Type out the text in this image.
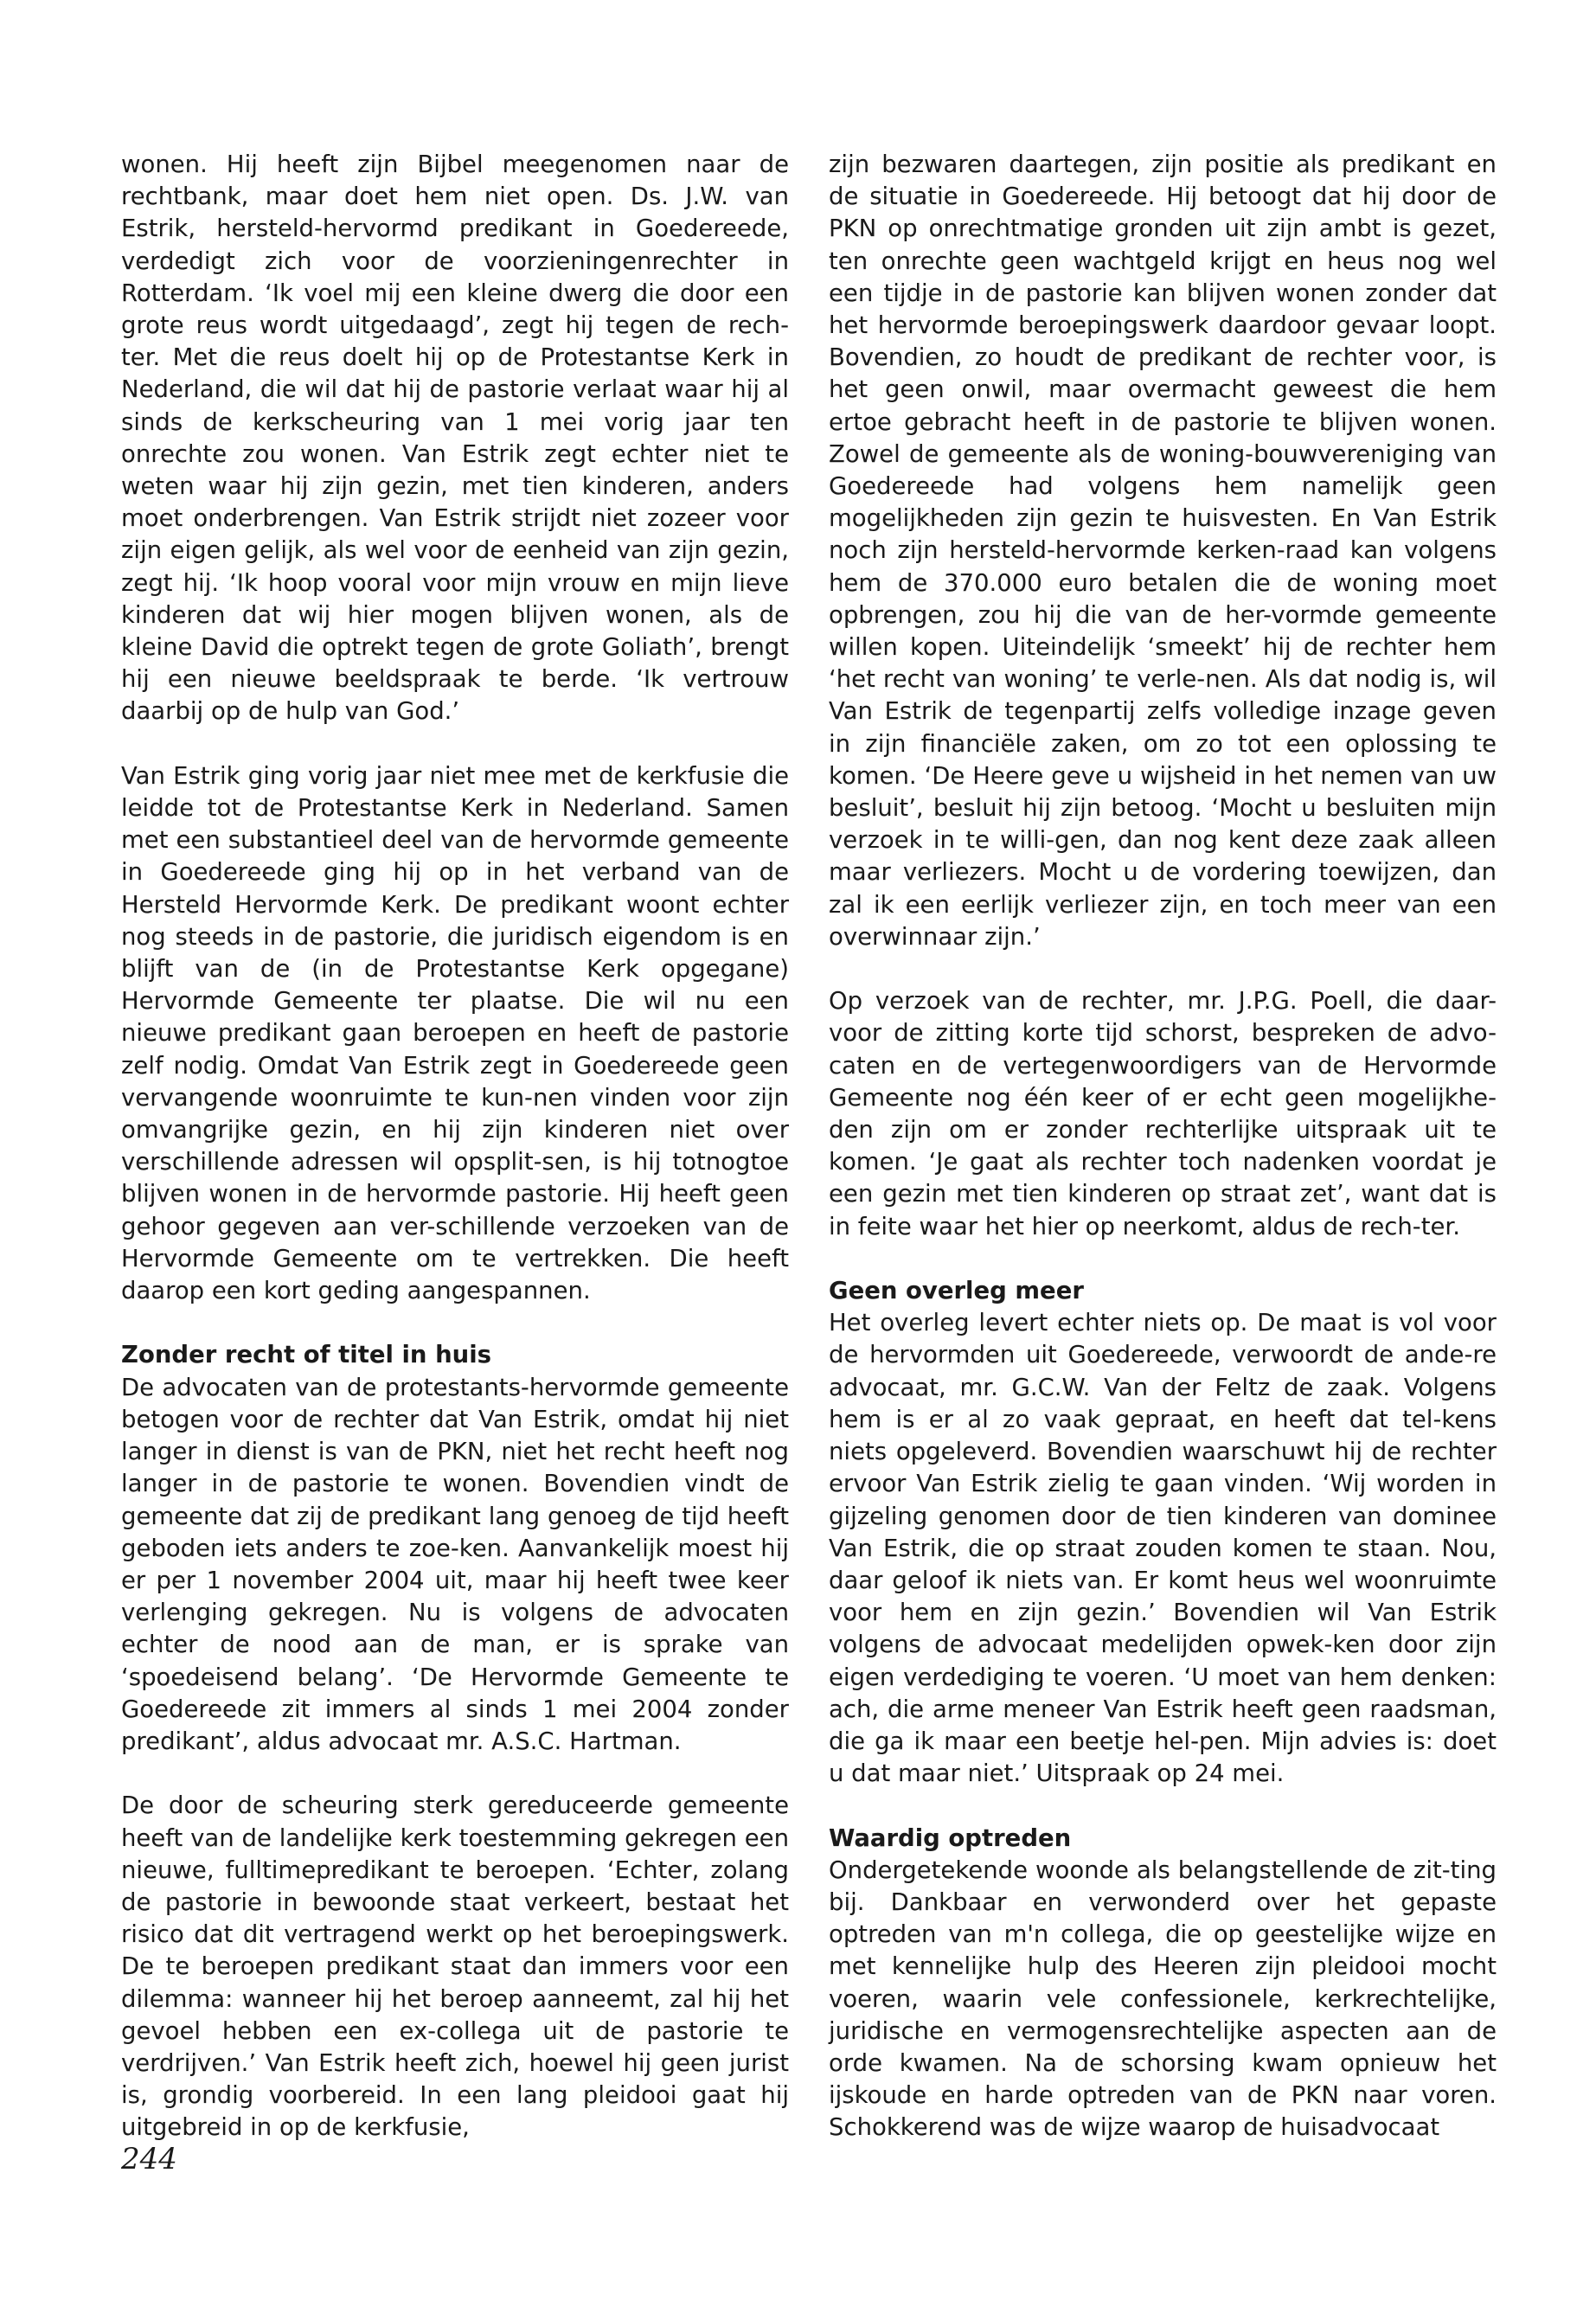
wonen. Hij heeft zijn Bijbel meegenomen naar de rechtbank, maar doet hem niet open. Ds. J.W. van Estrik, hersteld-hervormd predikant in Goedereede, verdedigt zich voor de voorzieningenrechter in Rotterdam. ‘Ik voel mij een kleine dwerg die door een grote reus wordt uitgedaagd’, zegt hij tegen de rech-ter. Met die reus doelt hij op de Protestantse Kerk in Nederland, die wil dat hij de pastorie verlaat waar hij al sinds de kerkscheuring van 1 mei vorig jaar ten onrechte zou wonen. Van Estrik zegt echter niet te weten waar hij zijn gezin, met tien kinderen, anders moet onderbrengen. Van Estrik strijdt niet zozeer voor zijn eigen gelijk, als wel voor de eenheid van zijn gezin, zegt hij. ‘Ik hoop vooral voor mijn vrouw en mijn lieve kinderen dat wij hier mogen blijven wonen, als de kleine David die optrekt tegen de grote Goliath’, brengt hij een nieuwe beeldspraak te berde. ‘Ik vertrouw daarbij op de hulp van God.’

Van Estrik ging vorig jaar niet mee met de kerkfusie die leidde tot de Protestantse Kerk in Nederland. Samen met een substantieel deel van de hervormde gemeente in Goedereede ging hij op in het verband van de Hersteld Hervormde Kerk. De predikant woont echter nog steeds in de pastorie, die juridisch eigendom is en blijft van de (in de Protestantse Kerk opgegane) Hervormde Gemeente ter plaatse. Die wil nu een nieuwe predikant gaan beroepen en heeft de pastorie zelf nodig. Omdat Van Estrik zegt in Goedereede geen vervangende woonruimte te kun-nen vinden voor zijn omvangrijke gezin, en hij zijn kinderen niet over verschillende adressen wil opsplit-sen, is hij totnogtoe blijven wonen in de hervormde pastorie. Hij heeft geen gehoor gegeven aan ver-schillende verzoeken van de Hervormde Gemeente om te vertrekken. Die heeft daarop een kort geding aangespannen.

Zonder recht of titel in huis

De advocaten van de protestants-hervormde gemeente betogen voor de rechter dat Van Estrik, omdat hij niet langer in dienst is van de PKN, niet het recht heeft nog langer in de pastorie te wonen. Bovendien vindt de gemeente dat zij de predikant lang genoeg de tijd heeft geboden iets anders te zoe-ken. Aanvankelijk moest hij er per 1 november 2004 uit, maar hij heeft twee keer verlenging gekregen. Nu is volgens de advocaten echter de nood aan de man, er is sprake van ‘spoedeisend belang’. ‘De Hervormde Gemeente te Goedereede zit immers al sinds 1 mei 2004 zonder predikant’, aldus advocaat mr. A.S.C. Hartman.

De door de scheuring sterk gereduceerde gemeente heeft van de landelijke kerk toestemming gekregen een nieuwe, fulltimepredikant te beroepen. ‘Echter, zolang de pastorie in bewoonde staat verkeert, bestaat het risico dat dit vertragend werkt op het beroepingswerk. De te beroepen predikant staat dan immers voor een dilemma: wanneer hij het beroep aanneemt, zal hij het gevoel hebben een ex-collega uit de pastorie te verdrijven.’ Van Estrik heeft zich, hoewel hij geen jurist is, grondig voorbereid. In een lang pleidooi gaat hij uitgebreid in op de kerkfusie,

zijn bezwaren daartegen, zijn positie als predikant en de situatie in Goedereede. Hij betoogt dat hij door de PKN op onrechtmatige gronden uit zijn ambt is gezet, ten onrechte geen wachtgeld krijgt en heus nog wel een tijdje in de pastorie kan blijven wonen zonder dat het hervormde beroepingswerk daardoor gevaar loopt. Bovendien, zo houdt de predikant de rechter voor, is het geen onwil, maar overmacht geweest die hem ertoe gebracht heeft in de pastorie te blijven wonen. Zowel de gemeente als de woning-bouwvereniging van Goedereede had volgens hem namelijk geen mogelijkheden zijn gezin te huisvesten. En Van Estrik noch zijn hersteld-hervormde kerken-raad kan volgens hem de 370.000 euro betalen die de woning moet opbrengen, zou hij die van de her-vormde gemeente willen kopen. Uiteindelijk ‘smeekt’ hij de rechter hem ‘het recht van woning’ te verle-nen. Als dat nodig is, wil Van Estrik de tegenpartij zelfs volledige inzage geven in zijn financiële zaken, om zo tot een oplossing te komen. ‘De Heere geve u wijsheid in het nemen van uw besluit’, besluit hij zijn betoog. ‘Mocht u besluiten mijn verzoek in te willi-gen, dan nog kent deze zaak alleen maar verliezers. Mocht u de vordering toewijzen, dan zal ik een eerlijk verliezer zijn, en toch meer van een overwinnaar zijn.’

Op verzoek van de rechter, mr. J.P.G. Poell, die daar-voor de zitting korte tijd schorst, bespreken de advo-caten en de vertegenwoordigers van de Hervormde Gemeente nog één keer of er echt geen mogelijkhe-den zijn om er zonder rechterlijke uitspraak uit te komen. ‘Je gaat als rechter toch nadenken voordat je een gezin met tien kinderen op straat zet’, want dat is in feite waar het hier op neerkomt, aldus de rech-ter.

Geen overleg meer

Het overleg levert echter niets op. De maat is vol voor de hervormden uit Goedereede, verwoordt de ande-re advocaat, mr. G.C.W. Van der Feltz de zaak. Volgens hem is er al zo vaak gepraat, en heeft dat tel-kens niets opgeleverd. Bovendien waarschuwt hij de rechter ervoor Van Estrik zielig te gaan vinden. ‘Wij worden in gijzeling genomen door de tien kinderen van dominee Van Estrik, die op straat zouden komen te staan. Nou, daar geloof ik niets van. Er komt heus wel woonruimte voor hem en zijn gezin.’ Bovendien wil Van Estrik volgens de advocaat medelijden opwek-ken door zijn eigen verdediging te voeren. ‘U moet van hem denken: ach, die arme meneer Van Estrik heeft geen raadsman, die ga ik maar een beetje hel-pen. Mijn advies is: doet u dat maar niet.’ Uitspraak op 24 mei.

Waardig optreden

Ondergetekende woonde als belangstellende de zit-ting bij. Dankbaar en verwonderd over het gepaste optreden van m'n collega, die op geestelijke wijze en met kennelijke hulp des Heeren zijn pleidooi mocht voeren, waarin vele confessionele, kerkrechtelijke, juridische en vermogensrechtelijke aspecten aan de orde kwamen. Na de schorsing kwam opnieuw het ijskoude en harde optreden van de PKN naar voren. Schokkerend was de wijze waarop de huisadvocaat

244
